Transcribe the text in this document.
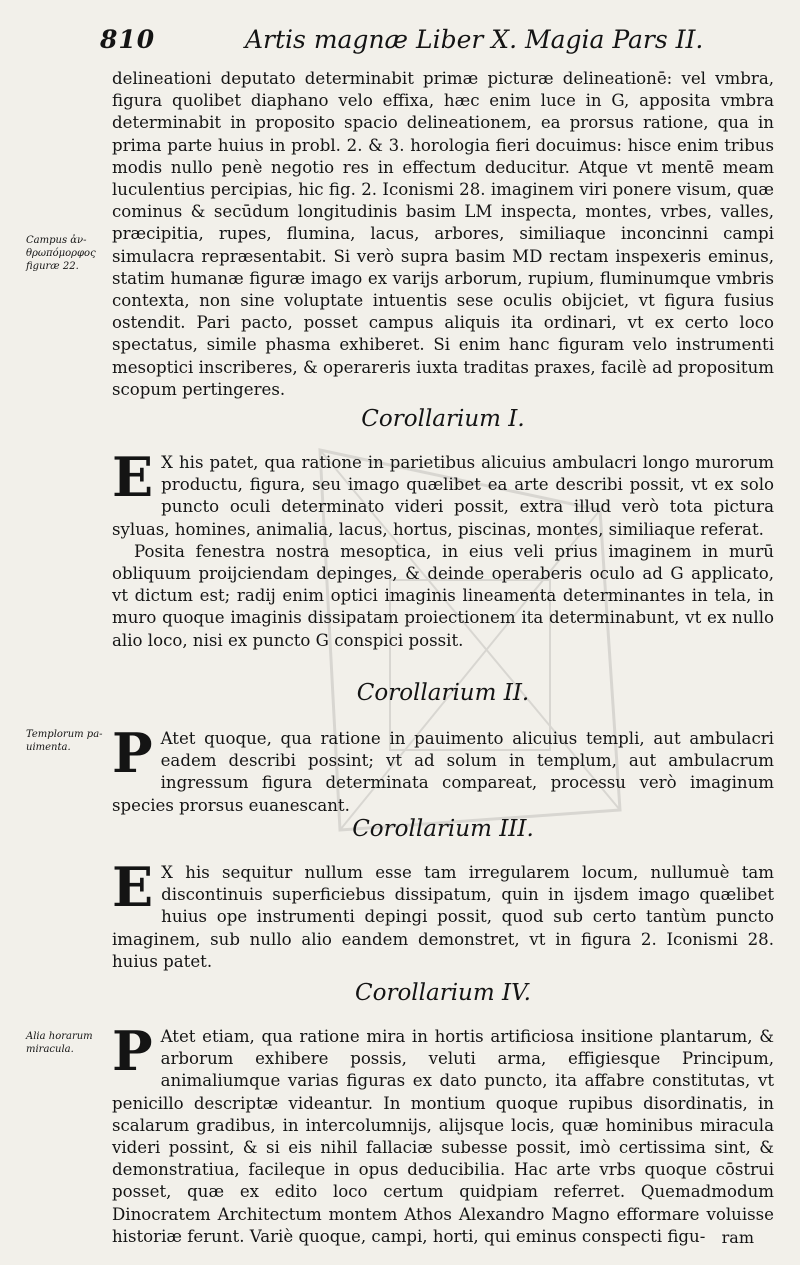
810	Artis magnæ Liber X. Magia Pars II.
Campus ἀν-θρωπόμορφος figuræ 22.
Templorum pa-uimenta.
Alia horarum miracula.

delineationi deputato determinabit primæ picturæ delineationē: vel vmbra, figura quolibet diaphano velo effixa, hæc enim luce in G, apposita vmbra determinabit in proposito spacio delineationem, ea prorsus ratione, qua in prima parte huius in probl. 2. & 3. horologia fieri docuimus: hisce enim tribus modis nullo penè negotio res in effectum deducitur. Atque vt mentē meam luculentius percipias, hic fig. 2. Iconismi 28. imaginem viri ponere visum, quæ cominus & secūdum longitudinis basim LM inspecta, montes, vrbes, valles, præcipitia, rupes, flumina, lacus, arbores, similiaque inconcinni campi simulacra repræsentabit. Si verò supra basim MD rectam inspexeris eminus, statim humanæ figuræ imago ex varijs arborum, rupium, fluminumque vmbris contexta, non sine voluptate intuentis sese oculis obijciet, vt figura fusius ostendit. Pari pacto, posset campus aliquis ita ordinari, vt ex certo loco spectatus, simile phasma exhiberet. Si enim hanc figuram velo instrumenti mesoptici inscriberes, & operareris iuxta traditas praxes, facilè ad propositum scopum pertingeres.

Corollarium I.

E X his patet, qua ratione in parietibus alicuius ambulacri longo murorum productu, figura, seu imago quælibet ea arte describi possit, vt ex solo puncto oculi determinato videri possit, extra illud verò tota pictura syluas, homines, animalia, lacus, hortus, piscinas, montes, similiaque referat.

Posita fenestra nostra mesoptica, in eius veli prius imaginem in murū obliquum proijciendam depinges, & deinde operaberis oculo ad G applicato, vt dictum est; radij enim optici imaginis lineamenta determinantes in tela, in muro quoque imaginis dissipatam proiectionem ita determinabunt, vt ex nullo alio loco, nisi ex puncto G conspici possit.

Corollarium II.

P Atet quoque, qua ratione in pauimento alicuius templi, aut ambulacri eadem describi possint; vt ad solum in templum, aut ambulacrum ingressum figura determinata compareat, processu verò imaginum species prorsus euanescant.

Corollarium III.

E X his sequitur nullum esse tam irregularem locum, nullumuè tam discontinuis superficiebus dissipatum, quin in ijsdem imago quælibet huius ope instrumenti depingi possit, quod sub certo tantùm puncto imaginem, sub nullo alio eandem demonstret, vt in figura 2. Iconismi 28. huius patet.

Corollarium IV.

P Atet etiam, qua ratione mira in hortis artificiosa insitione plantarum, & arborum exhibere possis, veluti arma, effigiesque Principum, animaliumque varias figuras ex dato puncto, ita affabre constitutas, vt penicillo descriptæ videantur. In montium quoque rupibus disordinatis, in scalarum gradibus, in intercolumnijs, alijsque locis, quæ hominibus miracula videri possint, & si eis nihil fallaciæ subesse possit, imò certissima sint, & demonstratiua, facileque in opus deducibilia. Hac arte vrbs quoque cōstrui posset, quæ ex edito loco certum quidpiam referret. Quemadmodum Dinocratem Architectum montem Athos Alexandro Magno efformare voluisse historiæ ferunt. Variè quoque, campi, horti, qui eminus conspecti figu-	ram
